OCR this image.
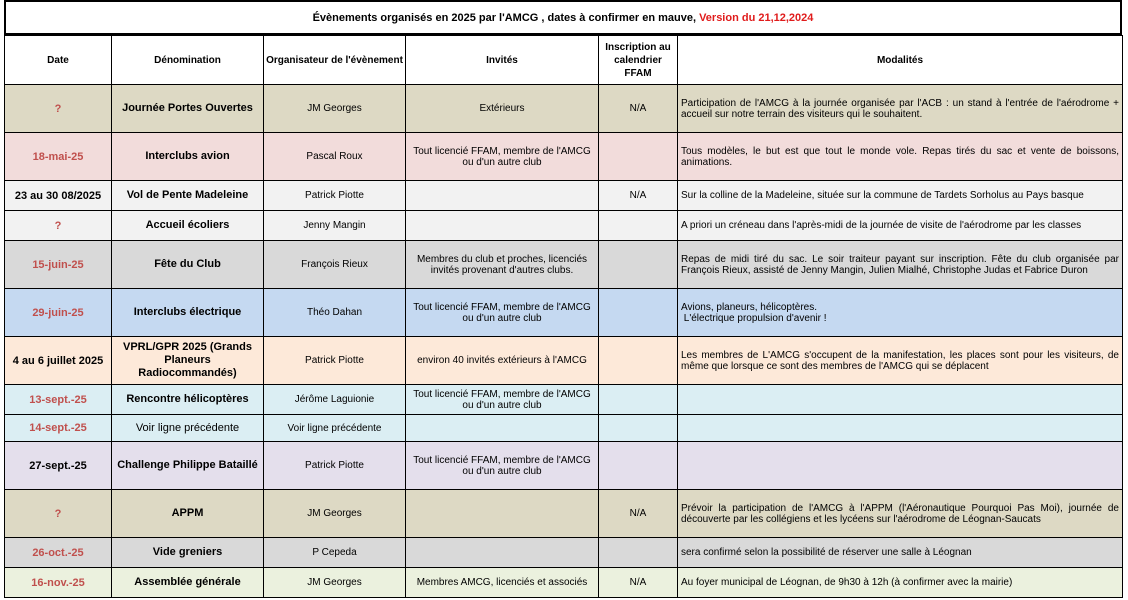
Évènements organisés en 2025 par l'AMCG , dates à confirmer en mauve, Version du 21,12,2024
Date	Dénomination	Organisateur de l'évènement	Invités	Inscription au calendrier FFAM	Modalités
?	Journée Portes Ouvertes	JM Georges	Extérieurs	N/A	Participation de l'AMCG à la journée organisée par l'ACB : un stand à l'entrée de l'aérodrome + accueil sur notre terrain des visiteurs qui le souhaitent.
18-mai-25	Interclubs avion	Pascal Roux	Tout licencié FFAM, membre de l'AMCG ou d'un autre club		Tous modèles, le but est que tout le monde vole. Repas tirés du sac et vente de boissons, animations.
23 au 30 08/2025	Vol de Pente Madeleine	Patrick Piotte		N/A	Sur la colline de la Madeleine, située sur la commune de Tardets Sorholus au Pays basque
?	Accueil écoliers	Jenny Mangin			A priori un créneau dans l'après-midi de la journée de visite de l'aérodrome par les classes
15-juin-25	Fête du Club	François Rieux	Membres du club et proches, licenciés invités provenant d'autres clubs.		Repas de midi tiré du sac. Le soir traiteur payant sur inscription. Fête du club organisée par François Rieux, assisté de Jenny Mangin, Julien Mialhé, Christophe Judas et Fabrice Duron
29-juin-25	Interclubs électrique	Théo Dahan	Tout licencié FFAM, membre de l'AMCG ou d'un autre club		Avions, planeurs, hélicoptères.
L'électrique propulsion d'avenir !

4 au 6 juillet 2025	VPRL/GPR 2025 (Grands Planeurs Radiocommandés)	Patrick Piotte	environ 40 invités extérieurs à l'AMCG		Les membres de L'AMCG s'occupent de la manifestation, les places sont pour les visiteurs, de même que lorsque ce sont des membres de l'AMCG qui se déplacent
13-sept.-25	Rencontre hélicoptères	Jérôme Laguionie	Tout licencié FFAM, membre de l'AMCG ou d'un autre club		
14-sept.-25	Voir ligne précédente	Voir ligne précédente			
27-sept.-25	Challenge Philippe Bataillé	Patrick Piotte	Tout licencié FFAM, membre de l'AMCG ou d'un autre club		
?	APPM	JM Georges		N/A	Prévoir la participation de l'AMCG à l'APPM (l'Aéronautique Pourquoi Pas Moi), journée de découverte par les collégiens et les lycéens sur l'aérodrome de Léognan-Saucats
26-oct.-25	Vide greniers	P Cepeda			sera confirmé selon la possibilité de réserver une salle à Léognan
16-nov.-25	Assemblée générale	JM Georges	Membres AMCG, licenciés et associés	N/A	Au foyer municipal de Léognan, de 9h30 à 12h (à confirmer avec la mairie)
